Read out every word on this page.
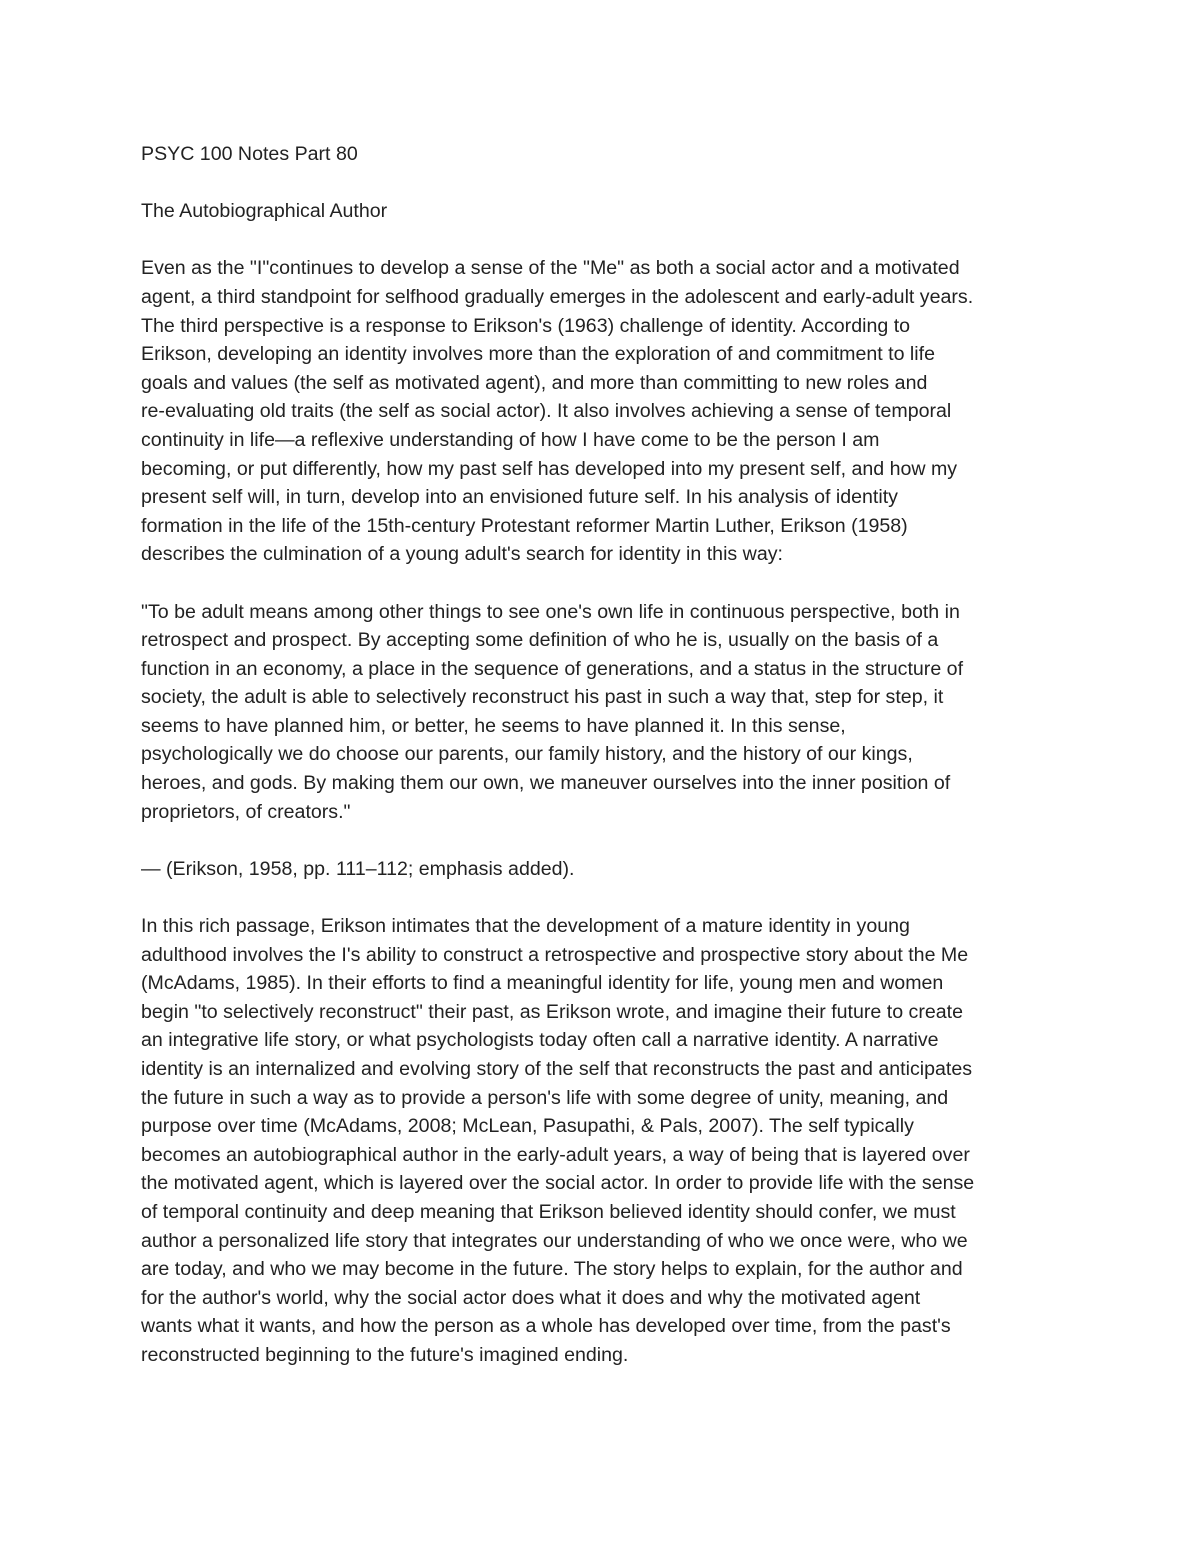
PSYC 100 Notes Part 80

The Autobiographical Author

Even as the "I"continues to develop a sense of the "Me" as both a social actor and a motivated
agent, a third standpoint for selfhood gradually emerges in the adolescent and early-adult years.
The third perspective is a response to Erikson's (1963) challenge of identity. According to
Erikson, developing an identity involves more than the exploration of and commitment to life
goals and values (the self as motivated agent), and more than committing to new roles and
re-evaluating old traits (the self as social actor). It also involves achieving a sense of temporal
continuity in life—a reflexive understanding of how I have come to be the person I am
becoming, or put differently, how my past self has developed into my present self, and how my
present self will, in turn, develop into an envisioned future self. In his analysis of identity
formation in the life of the 15th-century Protestant reformer Martin Luther, Erikson (1958)
describes the culmination of a young adult's search for identity in this way:

"To be adult means among other things to see one's own life in continuous perspective, both in
retrospect and prospect. By accepting some definition of who he is, usually on the basis of a
function in an economy, a place in the sequence of generations, and a status in the structure of
society, the adult is able to selectively reconstruct his past in such a way that, step for step, it
seems to have planned him, or better, he seems to have planned it. In this sense,
psychologically we do choose our parents, our family history, and the history of our kings,
heroes, and gods. By making them our own, we maneuver ourselves into the inner position of
proprietors, of creators."

— (Erikson, 1958, pp. 111–112; emphasis added).

In this rich passage, Erikson intimates that the development of a mature identity in young
adulthood involves the I's ability to construct a retrospective and prospective story about the Me
(McAdams, 1985). In their efforts to find a meaningful identity for life, young men and women
begin "to selectively reconstruct" their past, as Erikson wrote, and imagine their future to create
an integrative life story, or what psychologists today often call a narrative identity. A narrative
identity is an internalized and evolving story of the self that reconstructs the past and anticipates
the future in such a way as to provide a person's life with some degree of unity, meaning, and
purpose over time (McAdams, 2008; McLean, Pasupathi, & Pals, 2007). The self typically
becomes an autobiographical author in the early-adult years, a way of being that is layered over
the motivated agent, which is layered over the social actor. In order to provide life with the sense
of temporal continuity and deep meaning that Erikson believed identity should confer, we must
author a personalized life story that integrates our understanding of who we once were, who we
are today, and who we may become in the future. The story helps to explain, for the author and
for the author's world, why the social actor does what it does and why the motivated agent
wants what it wants, and how the person as a whole has developed over time, from the past's
reconstructed beginning to the future's imagined ending.
